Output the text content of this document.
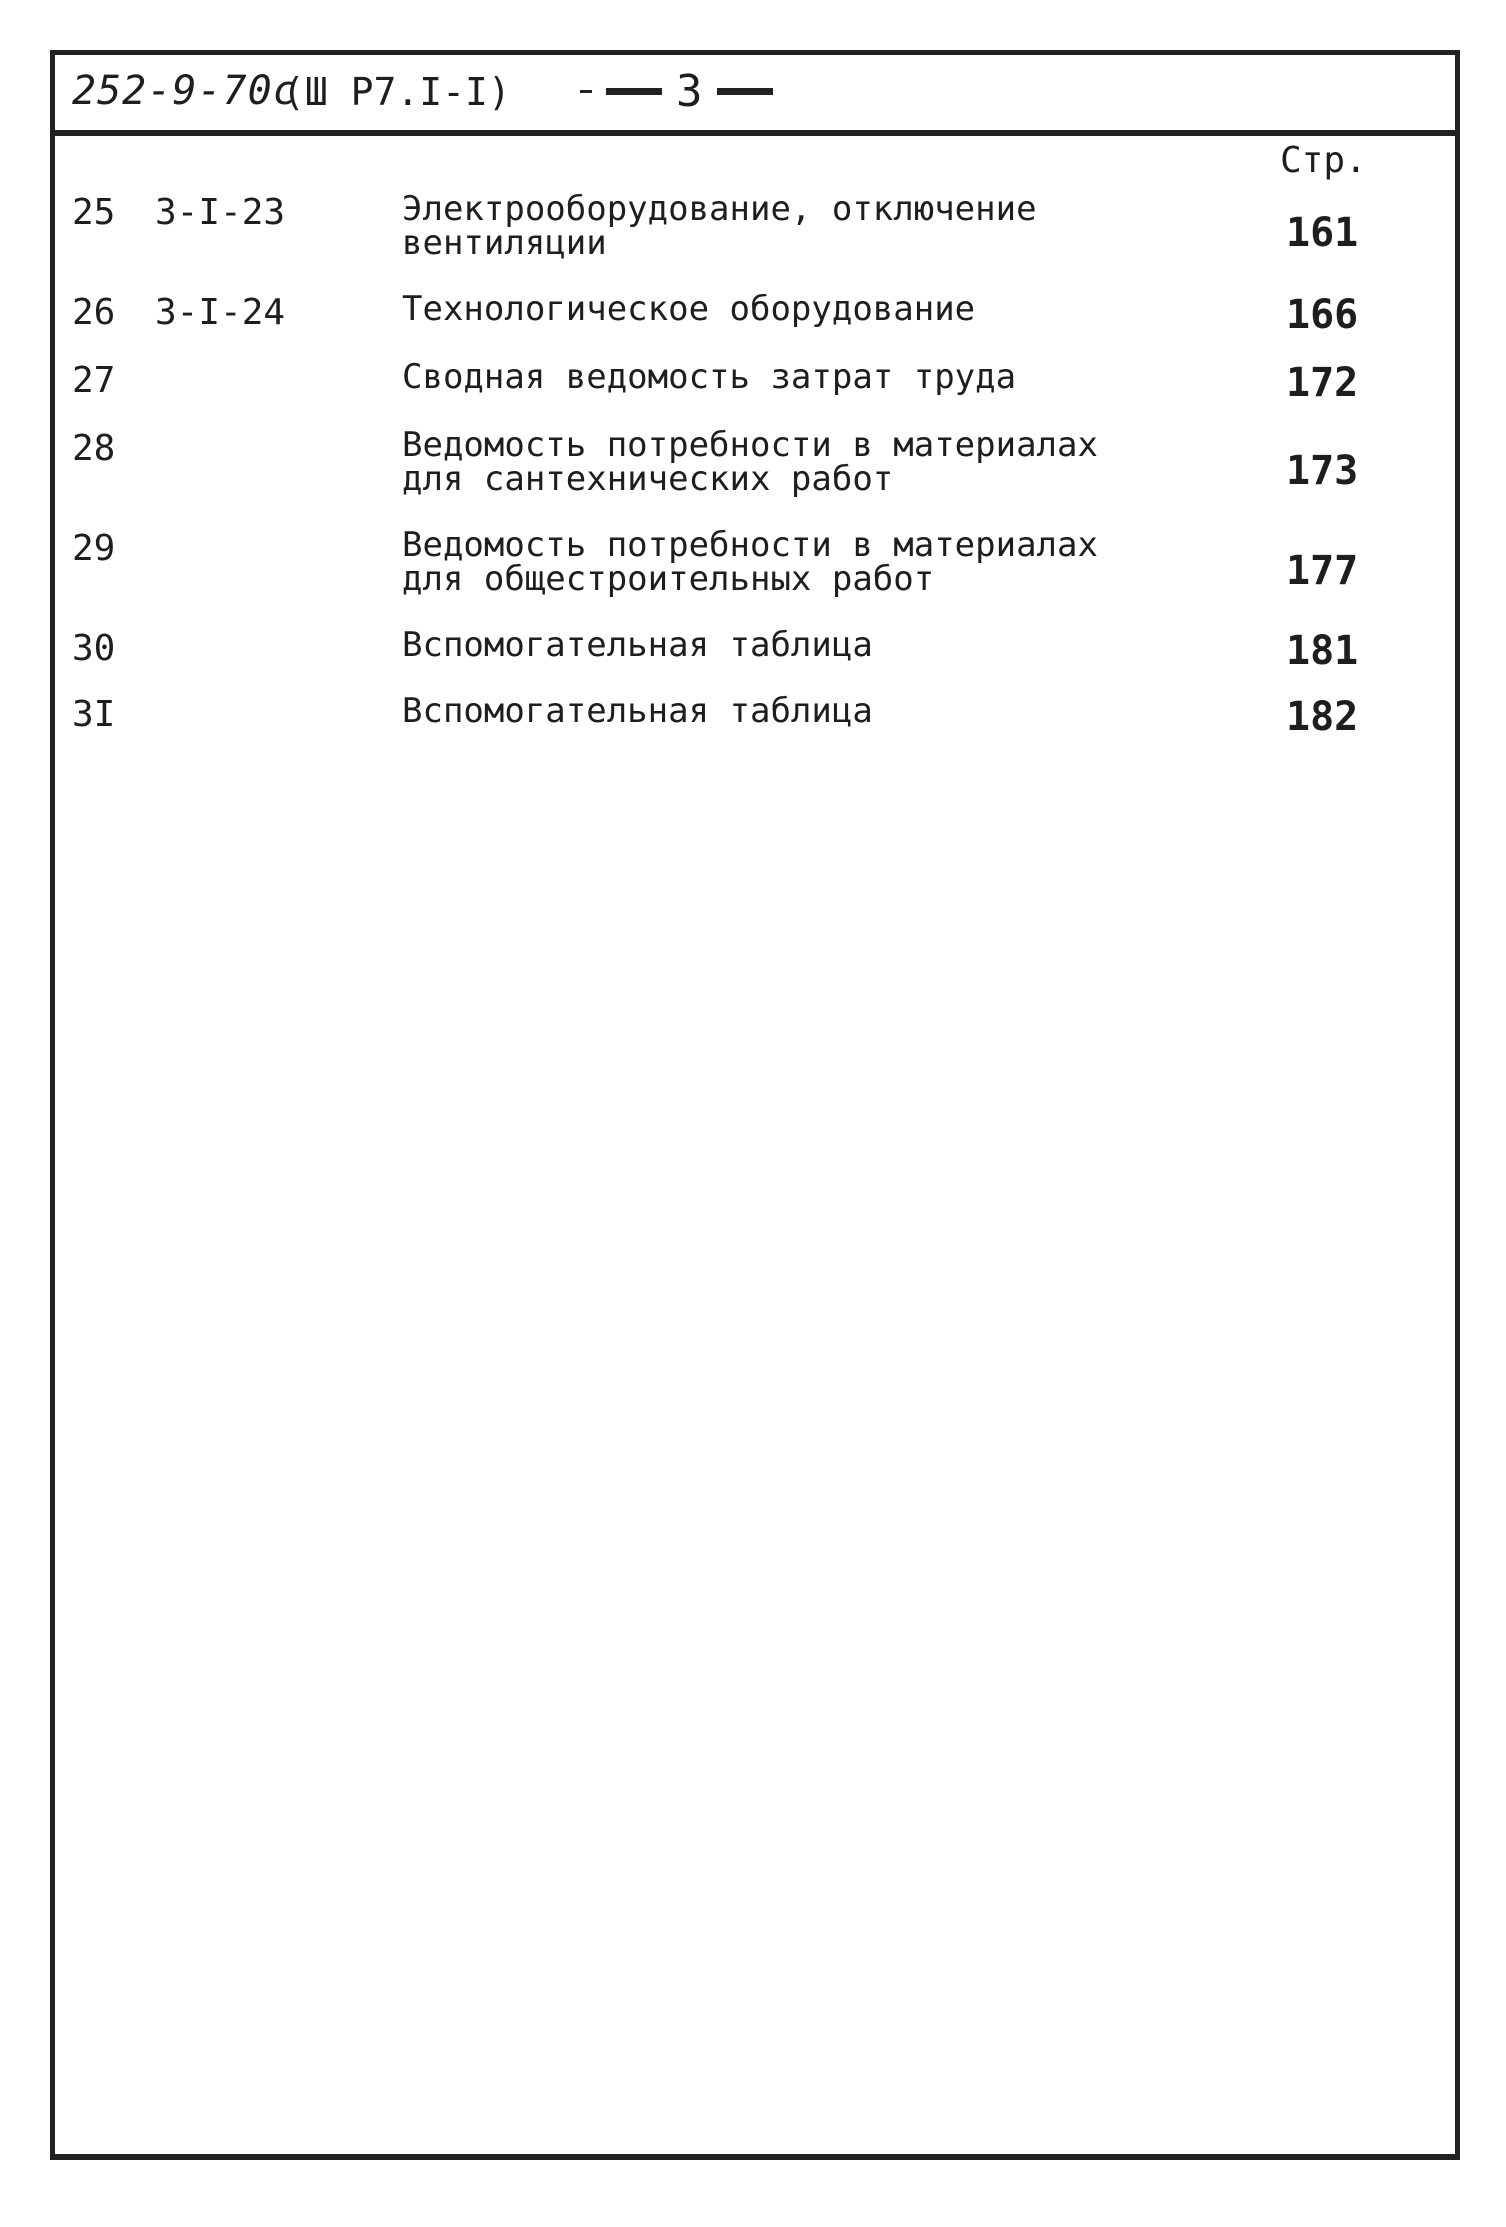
252-9-70с
(Ш Р7.I-I)	3
Стр.
25 3-I-23	Электрооборудование, отключение
вентиляции	161
26 3-I-24	Технологическое оборудование	166
27	Сводная ведомость затрат труда	172
28	Ведомость потребности в материалах
для сантехнических работ	173
29	Ведомость потребности в материалах
для общестроительных работ	177
30	Вспомогательная таблица	181
3I	Вспомогательная таблица	182
